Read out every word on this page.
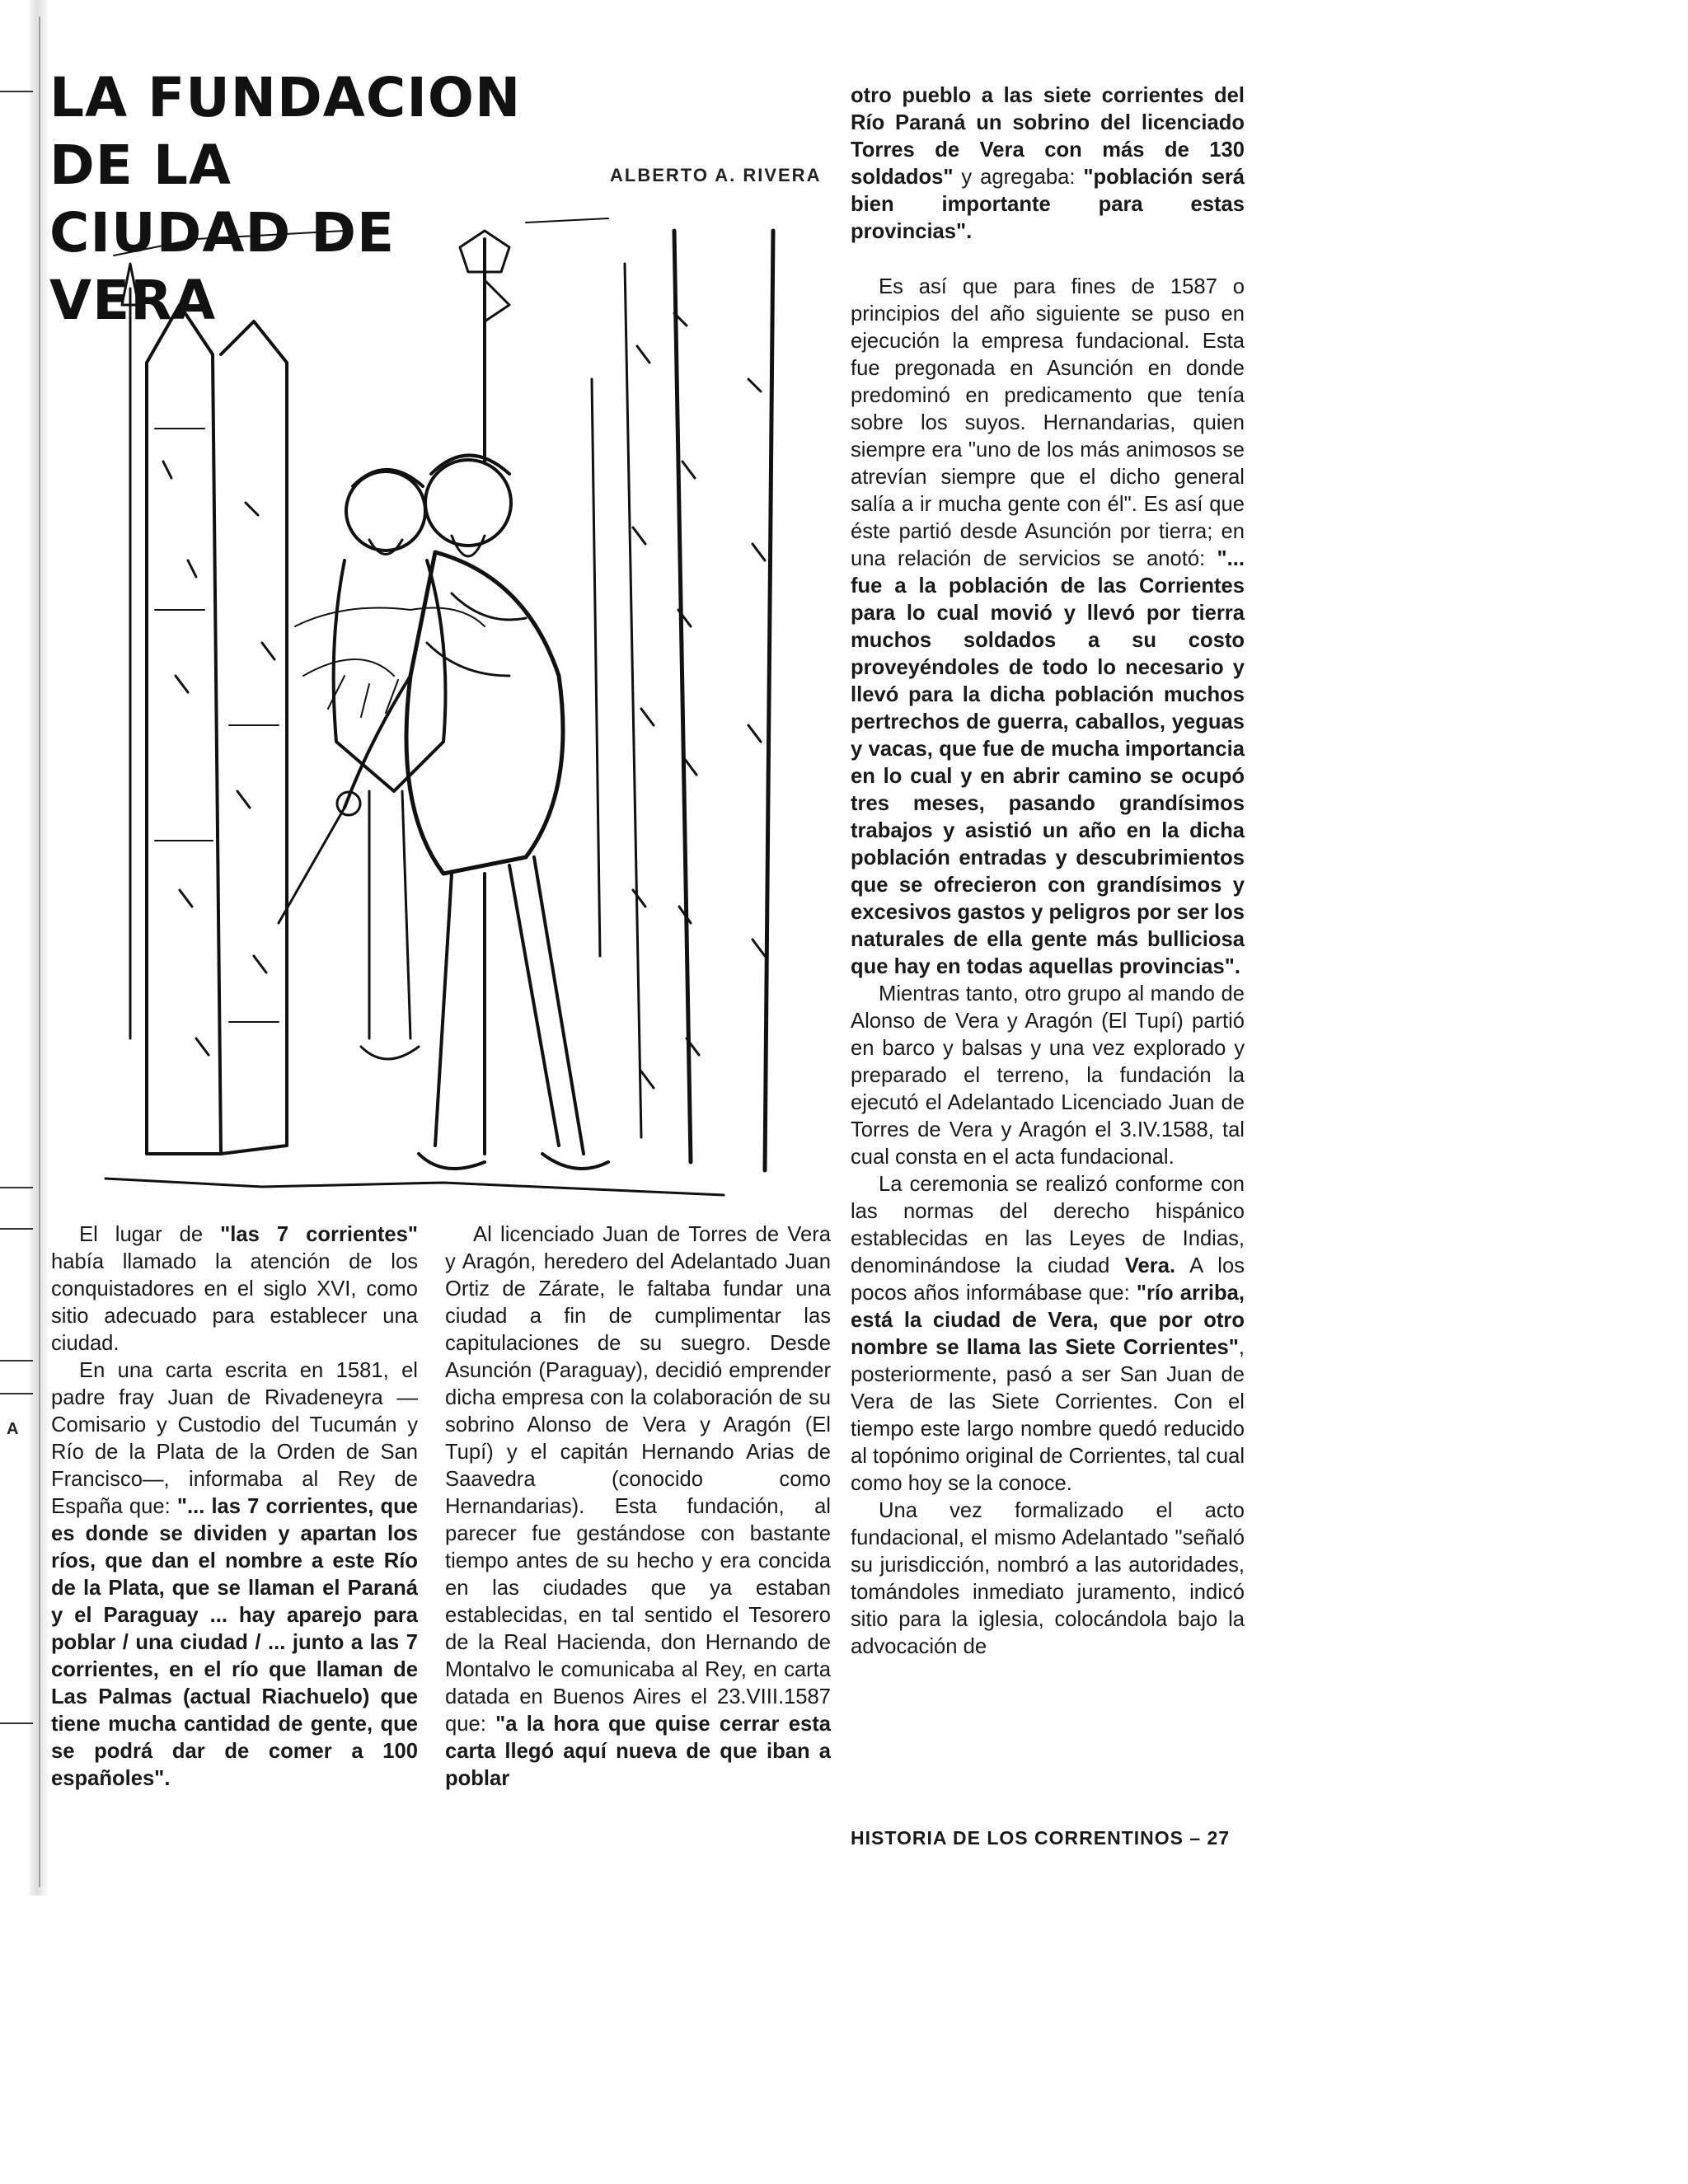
A
LA FUNDACION DE LA
CIUDAD DE VERA
ALBERTO A. RIVERA

El lugar de "las 7 corrientes" había llamado la atención de los conquistadores en el siglo XVI, como sitio adecuado para establecer una ciudad.

En una carta escrita en 1581, el padre fray Juan de Rivadeneyra —Comisario y Custodio del Tucumán y Río de la Plata de la Orden de San Francisco—, informaba al Rey de España que: "... las 7 corrientes, que es donde se dividen y apartan los ríos, que dan el nombre a este Río de la Plata, que se llaman el Paraná y el Paraguay ... hay aparejo para poblar / una ciudad / ... junto a las 7 corrientes, en el río que llaman de Las Palmas (actual Riachuelo) que tiene mucha cantidad de gente, que se podrá dar de comer a 100 españoles".

Al licenciado Juan de Torres de Vera y Aragón, heredero del Adelantado Juan Ortiz de Zárate, le faltaba fundar una ciudad a fin de cumplimentar las capitulaciones de su suegro. Desde Asunción (Paraguay), decidió emprender dicha empresa con la colaboración de su sobrino Alonso de Vera y Aragón (El Tupí) y el capitán Hernando Arias de Saavedra (conocido como Hernandarias). Esta fundación, al parecer fue gestándose con bastante tiempo antes de su hecho y era concida en las ciudades que ya estaban establecidas, en tal sentido el Tesorero de la Real Hacienda, don Hernando de Montalvo le comunicaba al Rey, en carta datada en Buenos Aires el 23.VIII.1587 que: "a la hora que quise cerrar esta carta llegó aquí nueva de que iban a poblar

otro pueblo a las siete corrientes del Río Paraná un sobrino del licenciado Torres de Vera con más de 130 soldados" y agregaba: "población será bien importante para estas provincias".

Es así que para fines de 1587 o principios del año siguiente se puso en ejecución la empresa fundacional. Esta fue pregonada en Asunción en donde predominó en predicamento que tenía sobre los suyos. Hernandarias, quien siempre era "uno de los más animosos se atrevían siempre que el dicho general salía a ir mucha gente con él". Es así que éste partió desde Asunción por tierra; en una relación de servicios se anotó: "... fue a la población de las Corrientes para lo cual movió y llevó por tierra muchos soldados a su costo proveyéndoles de todo lo necesario y llevó para la dicha población muchos pertrechos de guerra, caballos, yeguas y vacas, que fue de mucha importancia en lo cual y en abrir camino se ocupó tres meses, pasando grandísimos trabajos y asistió un año en la dicha población entradas y descubrimientos que se ofrecieron con grandísimos y excesivos gastos y peligros por ser los naturales de ella gente más bulliciosa que hay en todas aquellas provincias".

Mientras tanto, otro grupo al mando de Alonso de Vera y Aragón (El Tupí) partió en barco y balsas y una vez explorado y preparado el terreno, la fundación la ejecutó el Adelantado Licenciado Juan de Torres de Vera y Aragón el 3.IV.1588, tal cual consta en el acta fundacional.

La ceremonia se realizó conforme con las normas del derecho hispánico establecidas en las Leyes de Indias, denominándose la ciudad Vera. A los pocos años informábase que: "río arriba, está la ciudad de Vera, que por otro nombre se llama las Siete Corrientes", posteriormente, pasó a ser San Juan de Vera de las Siete Corrientes. Con el tiempo este largo nombre quedó reducido al topónimo original de Corrientes, tal cual como hoy se la conoce.

Una vez formalizado el acto fundacional, el mismo Adelantado "señaló su jurisdicción, nombró a las autoridades, tomándoles inmediato juramento, indicó sitio para la iglesia, colocándola bajo la advocación de

HISTORIA DE LOS CORRENTINOS – 27
